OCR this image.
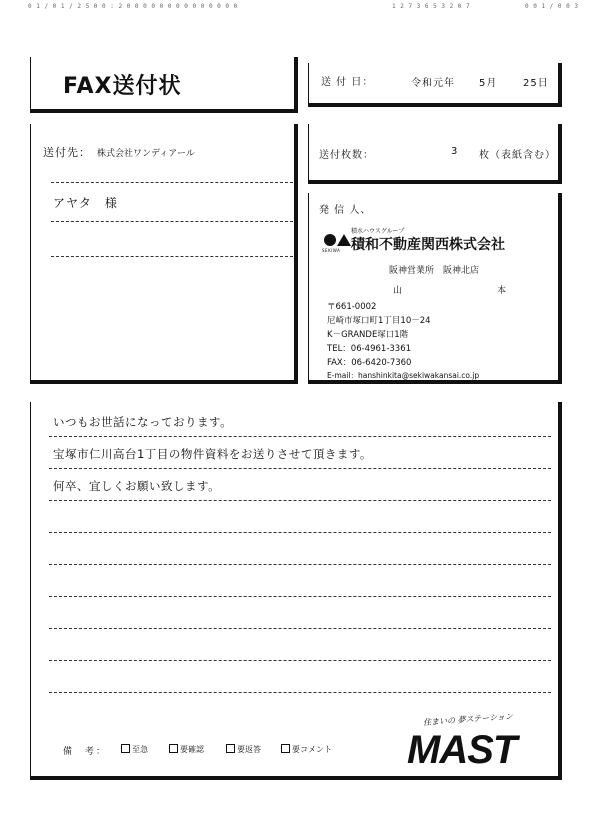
0 1 / 0 1 / 2 5 0 0 : 2 0 0 0 0 0 0 0 0 0 0 0 0 0 0	1 2 7 3 6 5 3 2 0 7	0 0 1 / 0 0 3
FAX送付状	送 付 日：	令和元年 5月	25日
送付先： 株式会社ワンディアール
アヤタ　様
送付枚数：	3 枚（表紙含む）
発 信 人、
積水ハウスグループ
SEKIWA 積和不動産関西株式会社
阪神営業所　阪神北店
山	本
〒661-0002
尼崎市塚口町1丁目10－24
K－GRANDE塚口1階
TEL：06-4961-3361
FAX：06-6420-7360
E-mail：hanshinkita@sekiwakansai.co.jp
いつもお世話になっております。
宝塚市仁川高台1丁目の物件資料をお送りさせて頂きます。
何卒、宜しくお願い致します。
備　考：	至急	要確認	要返答	要コメント
住まいの 夢ステーション
MAST
